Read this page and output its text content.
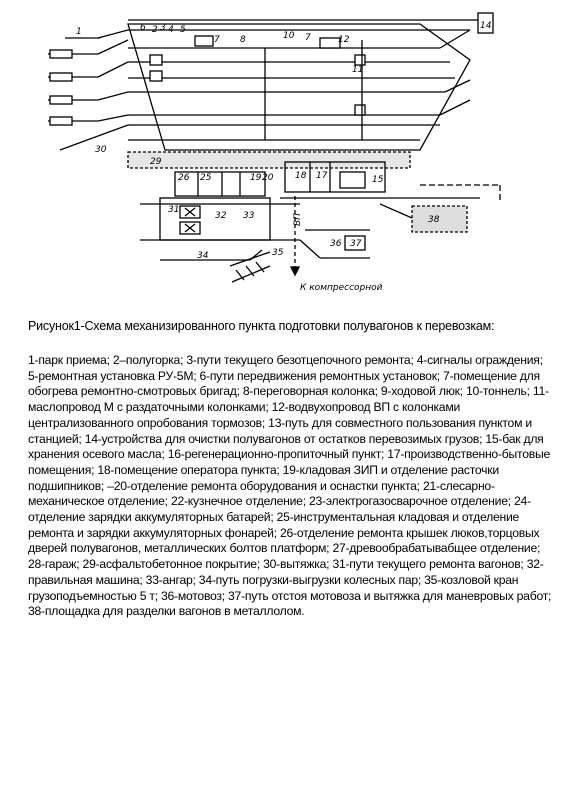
1	2 3 4 5
6
7	7
8	10
11
12
14
15
17
18
19 20
25
26
29
30
31
32 33
34	35
36 37
38
ВП
К компрессорной
Рисунок1-Схема механизированного пункта подготовки полувагонов к перевозкам:
1-парк приема; 2–полугорка; 3-пути текущего безотцепочного ремонта; 4-сигналы ограждения; 5-ремонтная установка РУ-5М; 6-пути передвижения ремонтных установок; 7-помещение для обогрева ремонтно-смотровых бригад; 8-переговорная колонка; 9-ходовой люк; 10-тоннель; 11-маслопровод М с раздаточными колонками; 12-водвухопровод ВП с колонками централизованного опробования тормозов; 13-путь для совместного пользования пунктом и станцией; 14-устройства для очистки полувагонов от остатков перевозимых грузов; 15-бак для хранения осевого масла; 16-регенерационно-пропиточный пункт; 17-производственно-бытовые помещения; 18-помещение оператора пункта; 19-кладовая ЗИП и отделение расточки подшипников; –20-отделение ремонта оборудования и оснастки пункта; 21-слесарно-механическое отделение; 22-кузнечное отделение; 23-электрогазосварочное отделение; 24-отделение зарядки аккумуляторных батарей; 25-инструментальная кладовая и отделение ремонта и зарядки аккумуляторных фонарей; 26-отделение ремонта крышек люков,торцовых дверей полувагонов, металлических болтов платформ; 27-древообрабатывабщее отделение; 28-гараж; 29-асфальтобетонное покрытие; 30-вытяжка; 31-пути текущего ремонта вагонов; 32-правильная машина; 33-ангар; 34-путь погрузки-выгрузки колесных пар; 35-козловой кран грузоподъемностью 5 т; 36-мотовоз; 37-путь отстоя мотовоза и вытяжка для маневровых работ; 38-площадка для разделки вагонов в металлолом.
